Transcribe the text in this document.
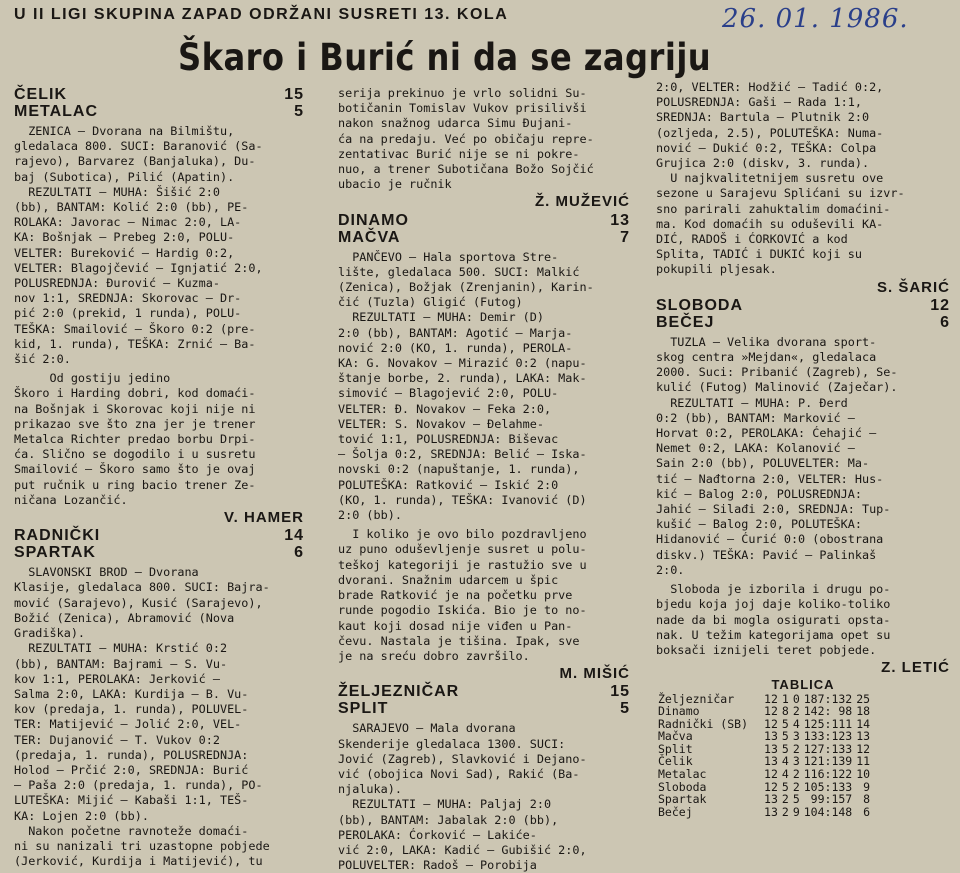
U II LIGI SKUPINA ZAPAD ODRŽANI SUSRETI 13. KOLA	26. 01. 1986.
Škaro i Burić ni da se zagriju
ČELIK	15
METALAC	5

ZENICA — Dvorana na Bilmištu,

gledalaca 800. SUCI: Baranović (Sa-

rajevo), Barvarez (Banjaluka), Du-

baj (Subotica), Pilić (Apatin).

REZULTATI — MUHA: Šišić 2:0

(bb), BANTAM: Kolić 2:0 (bb), PE-

ROLAKA: Javorac — Nimac 2:0, LA-

KA: Bošnjak — Prebeg 2:0, POLU-

VELTER: Bureković — Hardig 0:2,

VELTER: Blagojčević — Ignjatić 2:0,

POLUSREDNJA: Đurović — Kuzma-

nov 1:1, SREDNJA: Skorovac — Dr-

pić 2:0 (prekid, 1 runda), POLU-

TEŠKA: Smailović — Škoro 0:2 (pre-

kid, 1. runda), TEŠKA: Zrnić — Ba-

šić 2:0.

Od gostiju jedino

Škoro i Harding dobri, kod domaći-

na Bošnjak i Skorovac koji nije ni

prikazao sve što zna jer je trener

Metalca Richter predao borbu Drpi-

ća. Slično se dogodilo i u susretu

Smailović — Škoro samo što je ovaj

put ručnik u ring bacio trener Ze-

ničana Lozančić.

V. HAMER
RADNIČKI	14
SPARTAK	6

SLAVONSKI BROD — Dvorana

Klasije, gledalaca 800. SUCI: Bajra-

mović (Sarajevo), Kusić (Sarajevo),

Božić (Zenica), Abramović (Nova

Gradiška).

REZULTATI — MUHA: Krstić 0:2

(bb), BANTAM: Bajrami — S. Vu-

kov 1:1, PEROLAKA: Jerković —

Salma 2:0, LAKA: Kurdija — B. Vu-

kov (predaja, 1. runda), POLUVEL-

TER: Matijević — Jolić 2:0, VEL-

TER: Dujanović — T. Vukov 0:2

(predaja, 1. runda), POLUSREDNJA:

Holod — Prčić 2:0, SREDNJA: Burić

— Paša 2:0 (predaja, 1. runda), PO-

LUTEŠKA: Mijić — Kabaši 1:1, TEŠ-

KA: Lojen 2:0 (bb).

Nakon početne ravnoteže domaći-

ni su nanizali tri uzastopne pobjede

(Jerković, Kurdija i Matijević), tu

serija prekinuo je vrlo solidni Su-

botičanin Tomislav Vukov prisilivši

nakon snažnog udarca Simu Đujani-

ća na predaju. Već po običaju repre-

zentativac Burić nije se ni pokre-

nuo, a trener Subotičana Božo Sojčić

ubacio je ručnik

Ž. MUŽEVIĆ
DINAMO	13
MAČVA	7

PANČEVO — Hala sportova Stre-

lište, gledalaca 500. SUCI: Malkić

(Zenica), Božjak (Zrenjanin), Karin-

čić (Tuzla) Gligić (Futog)

REZULTATI — MUHA: Demir (D)

2:0 (bb), BANTAM: Agotić — Marja-

nović 2:0 (KO, 1. runda), PEROLA-

KA: G. Novakov — Mirazić 0:2 (napu-

štanje borbe, 2. runda), LAKA: Mak-

simović — Blagojević 2:0, POLU-

VELTER: Đ. Novakov — Feka 2:0,

VELTER: S. Novakov — Đelahme-

tović 1:1, POLUSREDNJA: Biševac

— Šolja 0:2, SREDNJA: Belić — Iska-

novski 0:2 (napuštanje, 1. runda),

POLUTEŠKA: Ratković — Iskić 2:0

(KO, 1. runda), TEŠKA: Ivanović (D)

2:0 (bb).

I koliko je ovo bilo pozdravljeno

uz puno oduševljenje susret u polu-

teškoj kategoriji je rastužio sve u

dvorani. Snažnim udarcem u špic

brade Ratković je na početku prve

runde pogodio Iskića. Bio je to no-

kaut koji dosad nije viđen u Pan-

čevu. Nastala je tišina. Ipak, sve

je na sreću dobro završilo.

M. MIŠIĆ
ŽELJEZNIČAR	15
SPLIT	5

SARAJEVO — Mala dvorana

Skenderije gledalaca 1300. SUCI:

Jović (Zagreb), Slavković i Dejano-

vić (obojica Novi Sad), Rakić (Ba-

njaluka).

REZULTATI — MUHA: Paljaj 2:0

(bb), BANTAM: Jabalak 2:0 (bb),

PEROLAKA: Ćorković — Lakiće-

vić 2:0, LAKA: Kadić — Gubišić 2:0,

POLUVELTER: Radoš — Porobija

2:0, VELTER: Hodžić — Tadić 0:2,

POLUSREDNJA: Gaši — Rada 1:1,

SREDNJA: Bartula — Plutnik 2:0

(ozljeda, 2.5), POLUTEŠKA: Numa-

nović — Dukić 0:2, TEŠKA: Colpa

Grujica 2:0 (diskv, 3. runda).

U najkvalitetnijem susretu ove

sezone u Sarajevu Splićani su izvr-

sno parirali zahuktalim domaćini-

ma. Kod domaćih su oduševili KA-

DIĆ, RADOŠ i ĆORKOVIĆ a kod

Splita, TADIĆ i DUKIĆ koji su

pokupili pljesak.

S. ŠARIĆ
SLOBODA	12
BEČEJ	6

TUZLA — Velika dvorana sport-

skog centra »Mejdan«, gledalaca

2000. Suci: Pribanić (Zagreb), Se-

kulić (Futog) Malinović (Zaječar).

REZULTATI — MUHA: P. Đerd

0:2 (bb), BANTAM: Marković —

Horvat 0:2, PEROLAKA: Ćehajić —

Nemet 0:2, LAKA: Kolanović —

Sain 2:0 (bb), POLUVELTER: Ma-

tić — Nađtorna 2:0, VELTER: Hus-

kić — Balog 2:0, POLUSREDNJA:

Jahić — Silađi 2:0, SREDNJA: Tup-

kušić — Balog 2:0, POLUTEŠKA:

Hidanović — Ćurić 0:0 (obostrana

diskv.) TEŠKA: Pavić — Palinkaš

2:0.

Sloboda je izborila i drugu po-

bjedu koja joj daje koliko-toliko

nade da bi mogla osigurati opsta-

nak. U težim kategorijama opet su

boksači iznijeli teret pobjede.

Z. LETIĆ
TABLICA
Željezničar	12	1	0	187:132	25
Dinamo	12	8	2	142: 98	18
Radnički (SB)	12	5	4	125:111	14
Mačva	13	5	3	133:123	13
Split	13	5	2	127:133	12
Čelik	13	4	3	121:139	11
Metalac	12	4	2	116:122	10
Sloboda	12	5	2	105:133	9
Spartak	13	2	5	99:157	8
Bečej	13	2	9	104:148	6
